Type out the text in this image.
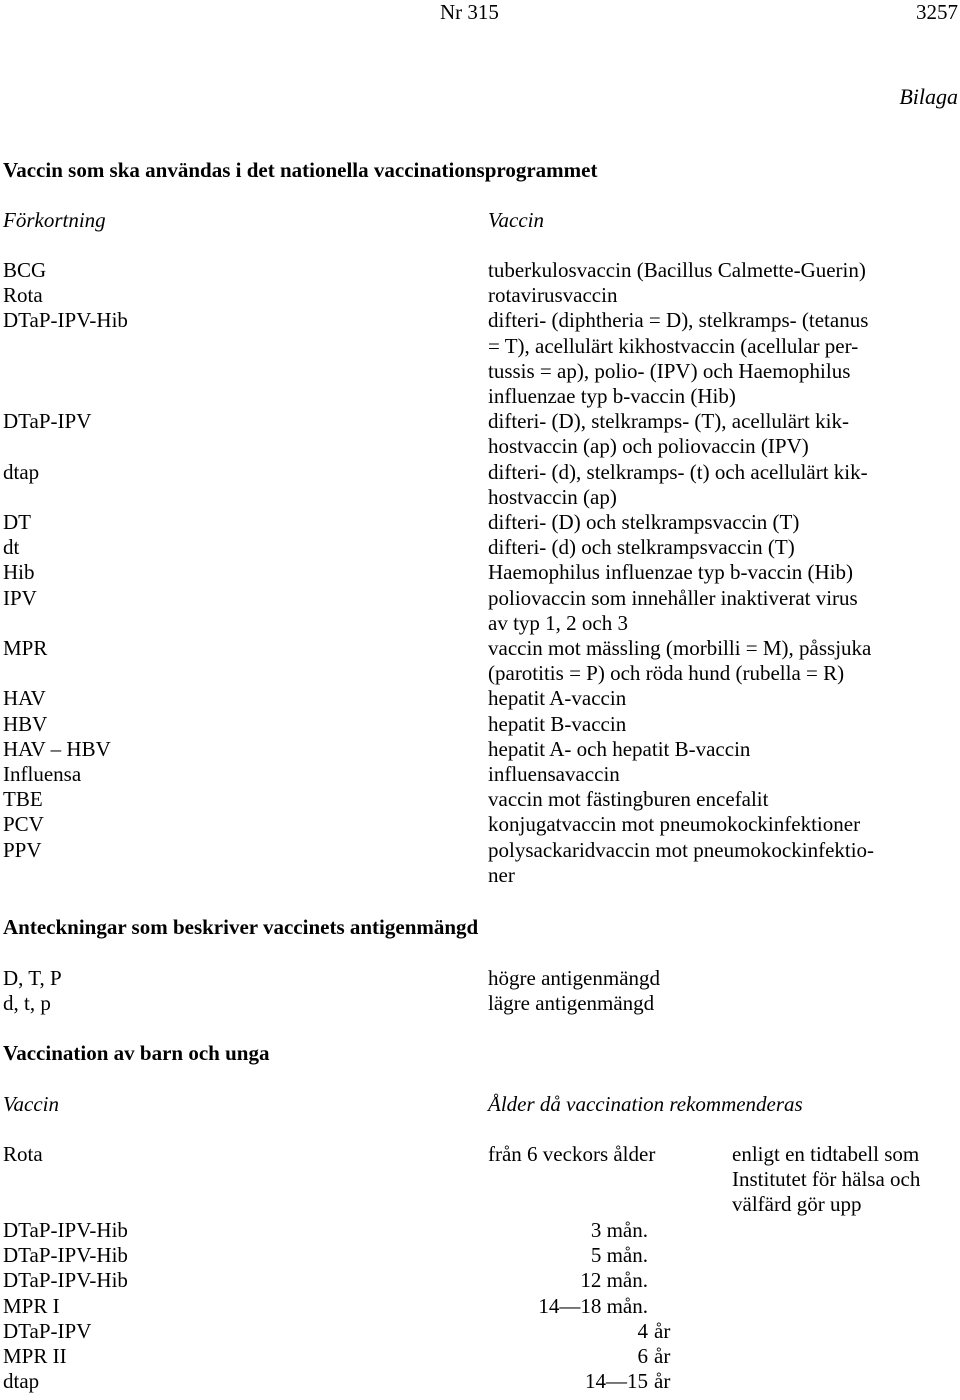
Nr 315	3257
Bilaga
Vaccin som ska användas i det nationella vaccinationsprogrammet
Förkortning	Vaccin
BCG	tuberkulosvaccin (Bacillus Calmette-Guerin)
Rota	rotavirusvaccin
DTaP-IPV-Hib	difteri- (diphtheria = D), stelkramps- (tetanus
= T), acellulärt kikhostvaccin (acellular per-
tussis = ap), polio- (IPV) och Haemophilus
influenzae typ b-vaccin (Hib)
DTaP-IPV	difteri- (D), stelkramps- (T), acellulärt kik-
hostvaccin (ap) och poliovaccin (IPV)
dtap	difteri- (d), stelkramps- (t) och acellulärt kik-
hostvaccin (ap)
DT	difteri- (D) och stelkrampsvaccin (T)
dt	difteri- (d) och stelkrampsvaccin (T)
Hib	Haemophilus influenzae typ b-vaccin (Hib)
IPV	poliovaccin som innehåller inaktiverat virus
av typ 1, 2 och 3
MPR	vaccin mot mässling (morbilli = M), påssjuka
(parotitis = P) och röda hund (rubella = R)
HAV	hepatit A-vaccin
HBV	hepatit B-vaccin
HAV – HBV	hepatit A- och hepatit B-vaccin
Influensa	influensavaccin
TBE	vaccin mot fästingburen encefalit
PCV	konjugatvaccin mot pneumokockinfektioner
PPV	polysackaridvaccin mot pneumokockinfektio-
ner
Anteckningar som beskriver vaccinets antigenmängd
D, T, P	högre antigenmängd
d, t, p	lägre antigenmängd
Vaccination av barn och unga
Vaccin	Ålder då vaccination rekommenderas
Rota	från 6 veckors ålder	enligt en tidtabell som
Institutet för hälsa och
välfärd gör upp
DTaP-IPV-Hib	3 mån.
DTaP-IPV-Hib	5 mån.
DTaP-IPV-Hib	12 mån.
MPR I	14––18 mån.
DTaP-IPV	4 år
MPR II	6 år
dtap	14––15 år
